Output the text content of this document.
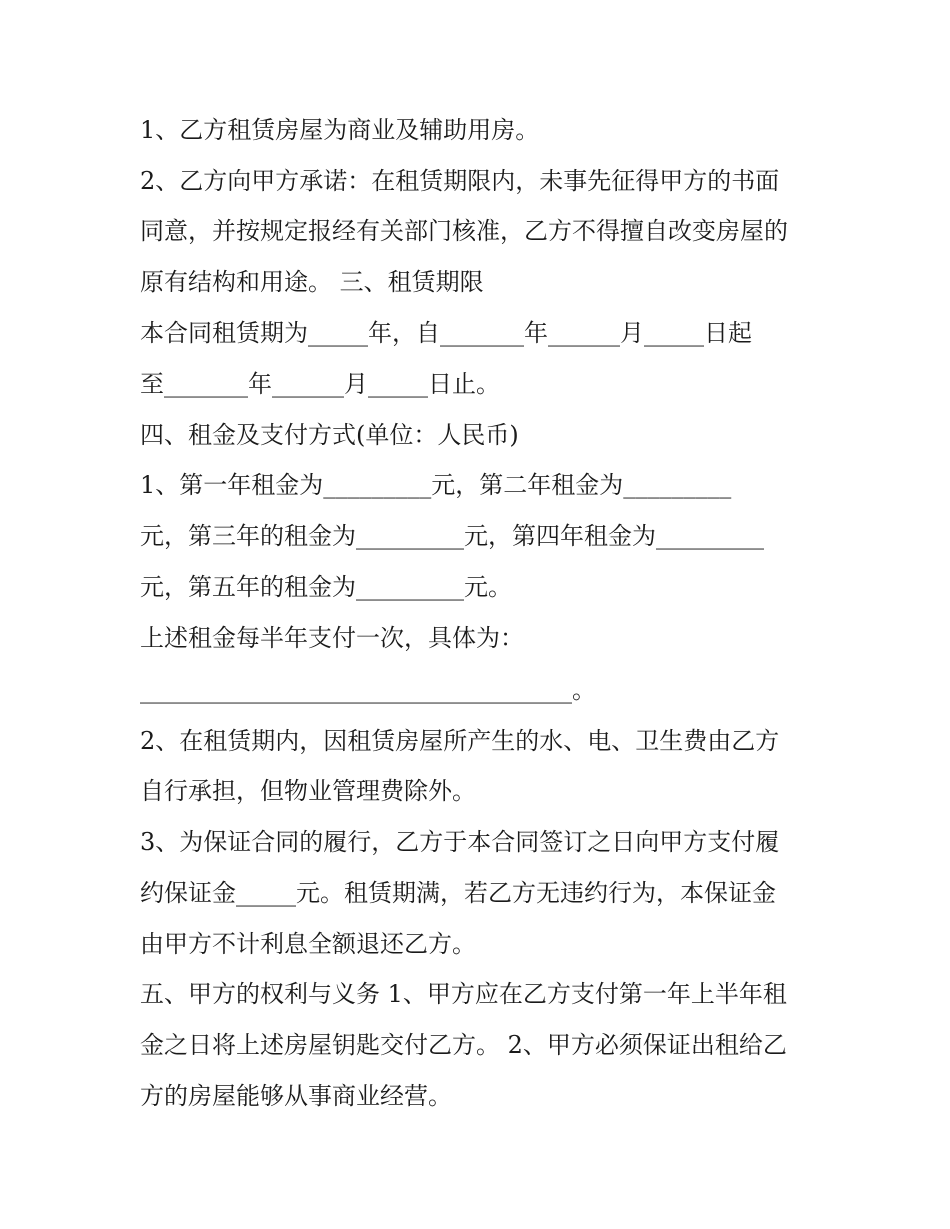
1、乙方租赁房屋为商业及辅助用房。
2、乙方向甲方承诺：在租赁期限内，未事先征得甲方的书面
同意，并按规定报经有关部门核准，乙方不得擅自改变房屋的
原有结构和用途。 三、租赁期限
本合同租赁期为_____年，自_______年______月_____日起
至_______年______月_____日止。
四、租金及支付方式(单位：人民币)
1、第一年租金为_________元，第二年租金为_________
元，第三年的租金为_________元，第四年租金为_________
元，第五年的租金为_________元。
上述租金每半年支付一次，具体为：
____________________________________。
2、在租赁期内，因租赁房屋所产生的水、电、卫生费由乙方
自行承担，但物业管理费除外。
3、为保证合同的履行，乙方于本合同签订之日向甲方支付履
约保证金_____元。租赁期满，若乙方无违约行为，本保证金
由甲方不计利息全额退还乙方。
五、甲方的权利与义务 1、甲方应在乙方支付第一年上半年租
金之日将上述房屋钥匙交付乙方。 2、甲方必须保证出租给乙
方的房屋能够从事商业经营。
